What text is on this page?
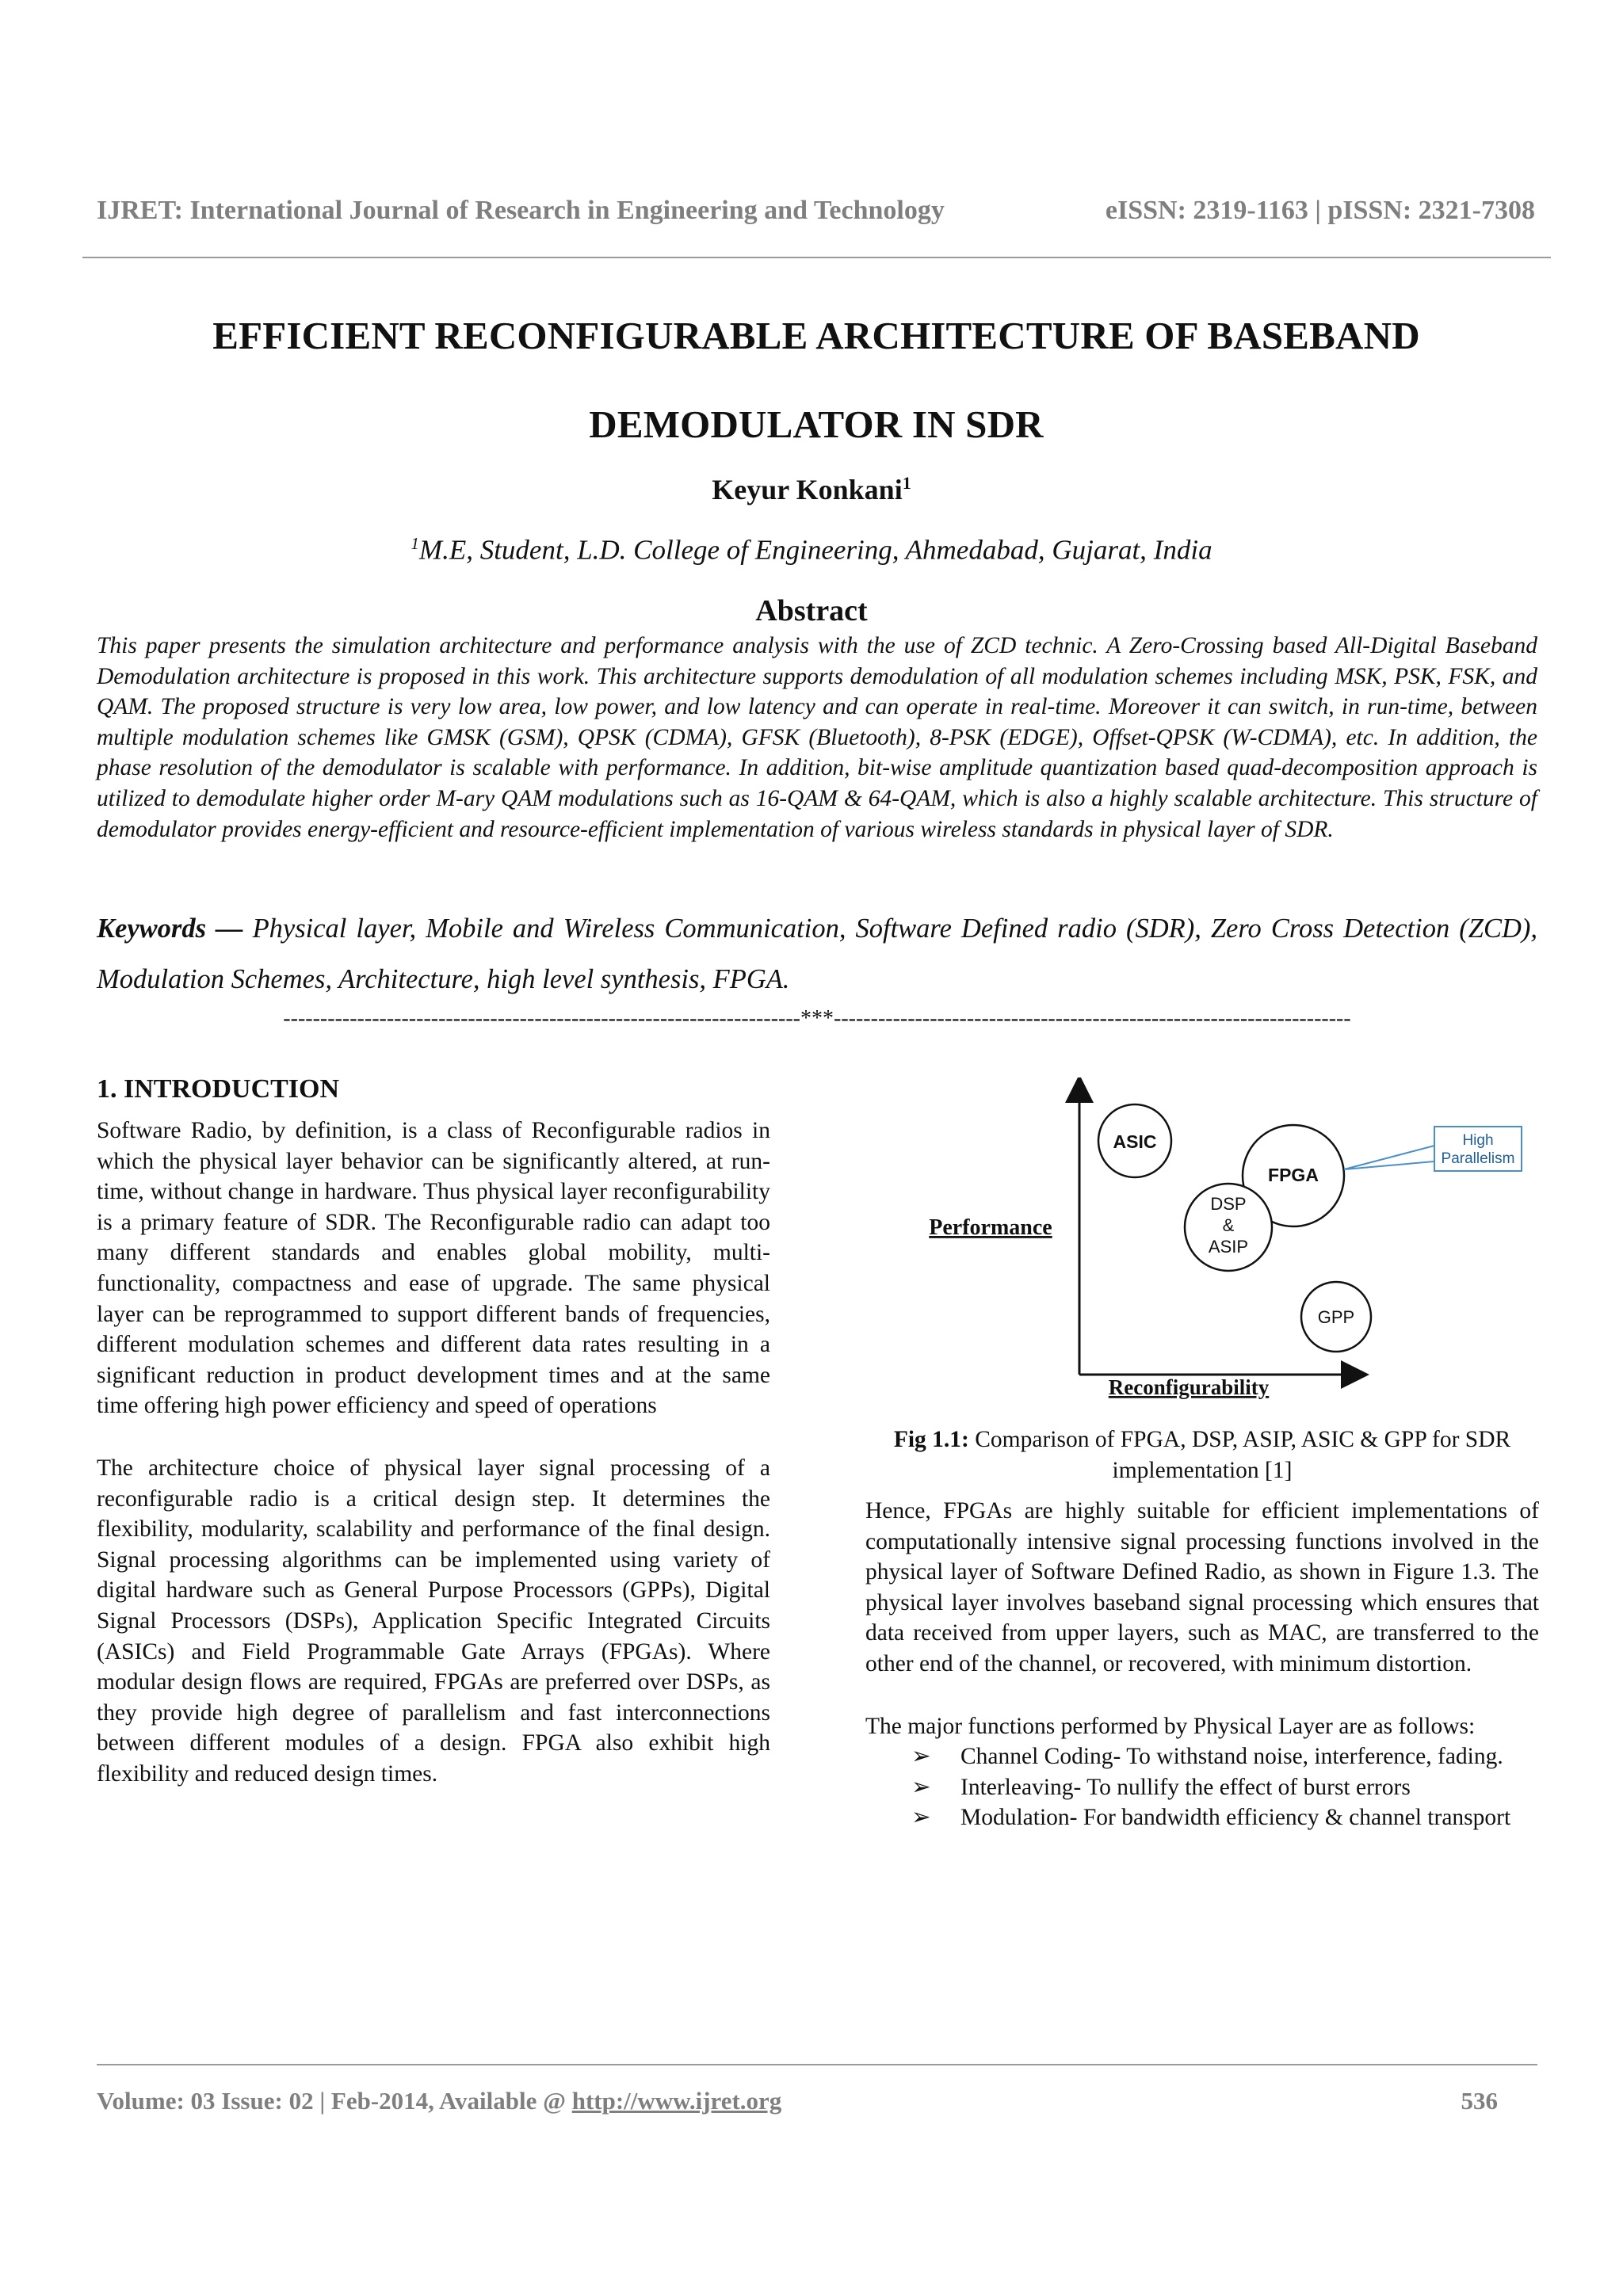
IJRET: International Journal of Research in Engineering and Technology	eISSN: 2319-1163 | pISSN: 2321-7308
EFFICIENT RECONFIGURABLE ARCHITECTURE OF BASEBAND
DEMODULATOR IN SDR
Keyur Konkani$^1$
$^1$M.E, Student, L.D. College of Engineering, Ahmedabad, Gujarat, India
Abstract
This paper presents the simulation architecture and performance analysis with the use of ZCD technic. A Zero-Crossing based All-Digital Baseband Demodulation architecture is proposed in this work. This architecture supports demodulation of all modulation schemes including MSK, PSK, FSK, and QAM. The proposed structure is very low area, low power, and low latency and can operate in real-time. Moreover it can switch, in run-time, between multiple modulation schemes like GMSK (GSM), QPSK (CDMA), GFSK (Bluetooth), 8-PSK (EDGE), Offset-QPSK (W-CDMA), etc. In addition, the phase resolution of the demodulator is scalable with performance. In addition, bit-wise amplitude quantization based quad-decomposition approach is utilized to demodulate higher order M-ary QAM modulations such as 16-QAM & 64-QAM, which is also a highly scalable architecture. This structure of demodulator provides energy-efficient and resource-efficient implementation of various wireless standards in physical layer of SDR.
Keywords — Physical layer, Mobile and Wireless Communication, Software Defined radio (SDR), Zero Cross Detection (ZCD), Modulation Schemes, Architecture, high level synthesis, FPGA.
----------------------------------------------------------------------***----------------------------------------------------------------------
1. INTRODUCTION

Software Radio, by definition, is a class of Reconfigurable radios in which the physical layer behavior can be significantly altered, at run-time, without change in hardware. Thus physical layer reconfigurability is a primary feature of SDR. The Reconfigurable radio can adapt too many different standards and enables global mobility, multi-functionality, compactness and ease of upgrade. The same physical layer can be reprogrammed to support different bands of frequencies, different modulation schemes and different data rates resulting in a significant reduction in product development times and at the same time offering high power efficiency and speed of operations

The architecture choice of physical layer signal processing of a reconfigurable radio is a critical design step. It determines the flexibility, modularity, scalability and performance of the final design. Signal processing algorithms can be implemented using variety of digital hardware such as General Purpose Processors (GPPs), Digital Signal Processors (DSPs), Application Specific Integrated Circuits (ASICs) and Field Programmable Gate Arrays (FPGAs). Where modular design flows are required, FPGAs are preferred over DSPs, as they provide high degree of parallelism and fast interconnections between different modules of a design. FPGA also exhibit high flexibility and reduced design times.

Performance
Reconfigurability
ASIC
FPGA
DSP
&
ASIP
GPP
High
Parallelism
Fig 1.1: Comparison of FPGA, DSP, ASIP, ASIC & GPP for SDR implementation [1]

Hence, FPGAs are highly suitable for efficient implementations of computationally intensive signal processing functions involved in the physical layer of Software Defined Radio, as shown in Figure 1.3. The physical layer involves baseband signal processing which ensures that data received from upper layers, such as MAC, are transferred to the other end of the channel, or recovered, with minimum distortion.

The major functions performed by Physical Layer are as follows:

➢ Channel Coding- To withstand noise, interference, fading.
➢ Interleaving- To nullify the effect of burst errors
➢ Modulation- For bandwidth efficiency & channel transport
Volume: 03 Issue: 02 | Feb-2014, Available @ http://www.ijret.org	536
